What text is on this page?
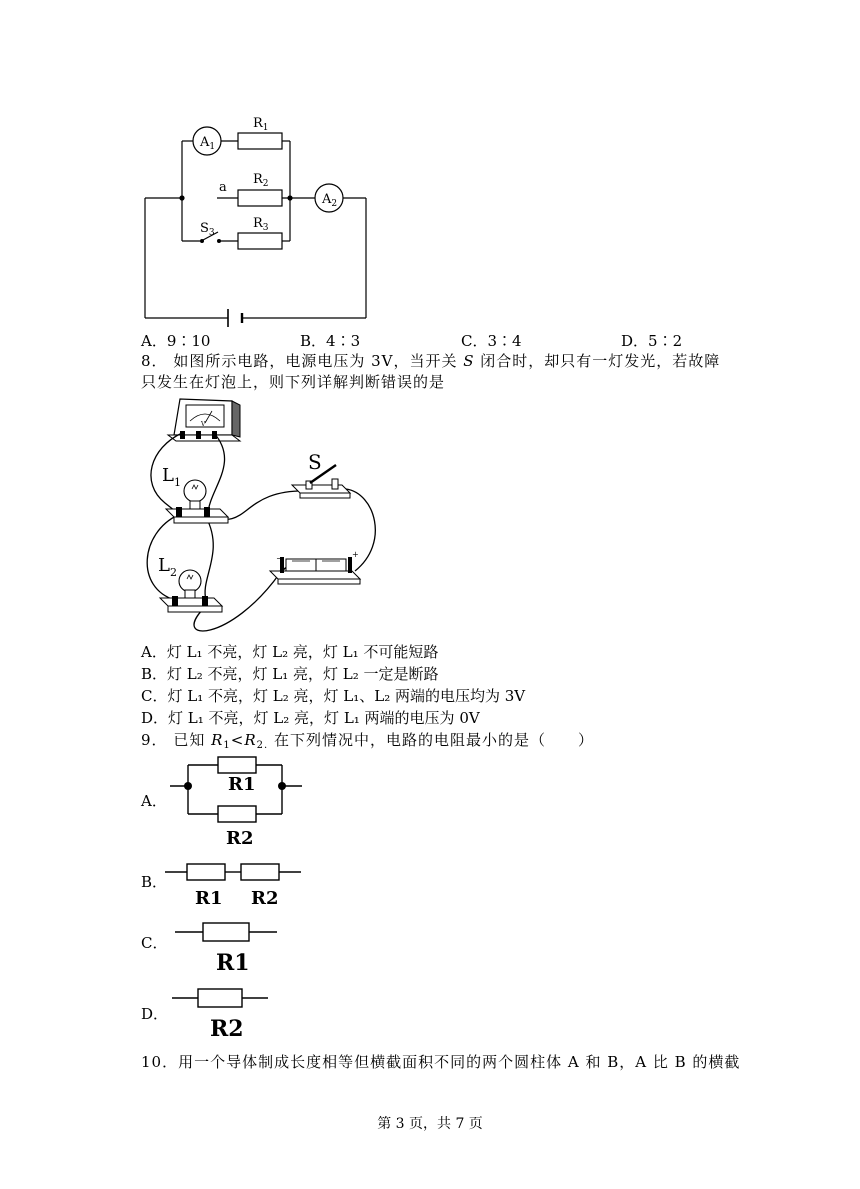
$A_1$
$A_2$
$R_1$
$R_2$
$R_3$
a
$S_3$
A．9∶10	B．4∶3	C．3∶4	D．5∶2
8． 如图所示电路，电源电压为 3V，当开关 S 闭合时，却只有一灯发光，若故障
只发生在灯泡上，则下列详解判断错误的是
V
S
$L_1$
$L_2$
−	+
A．灯 L₁ 不亮，灯 L₂ 亮，灯 L₁ 不可能短路
B．灯 L₂ 不亮，灯 L₁ 亮，灯 L₂ 一定是断路
C．灯 L₁ 不亮，灯 L₂ 亮，灯 L₁、L₂ 两端的电压均为 3V
D．灯 L₁ 不亮，灯 L₂ 亮，灯 L₁ 两端的电压为 0V
9． 已知 $R_1<R_{2.}$ 在下列情况中，电路的电阻最小的是（　　）
A．
R1
R2
B．
R1 R2
C．
R1
D．
R2
10．用一个导体制成长度相等但横截面积不同的两个圆柱体 A 和 B，A 比 B 的横截
第 3 页，共 7 页
